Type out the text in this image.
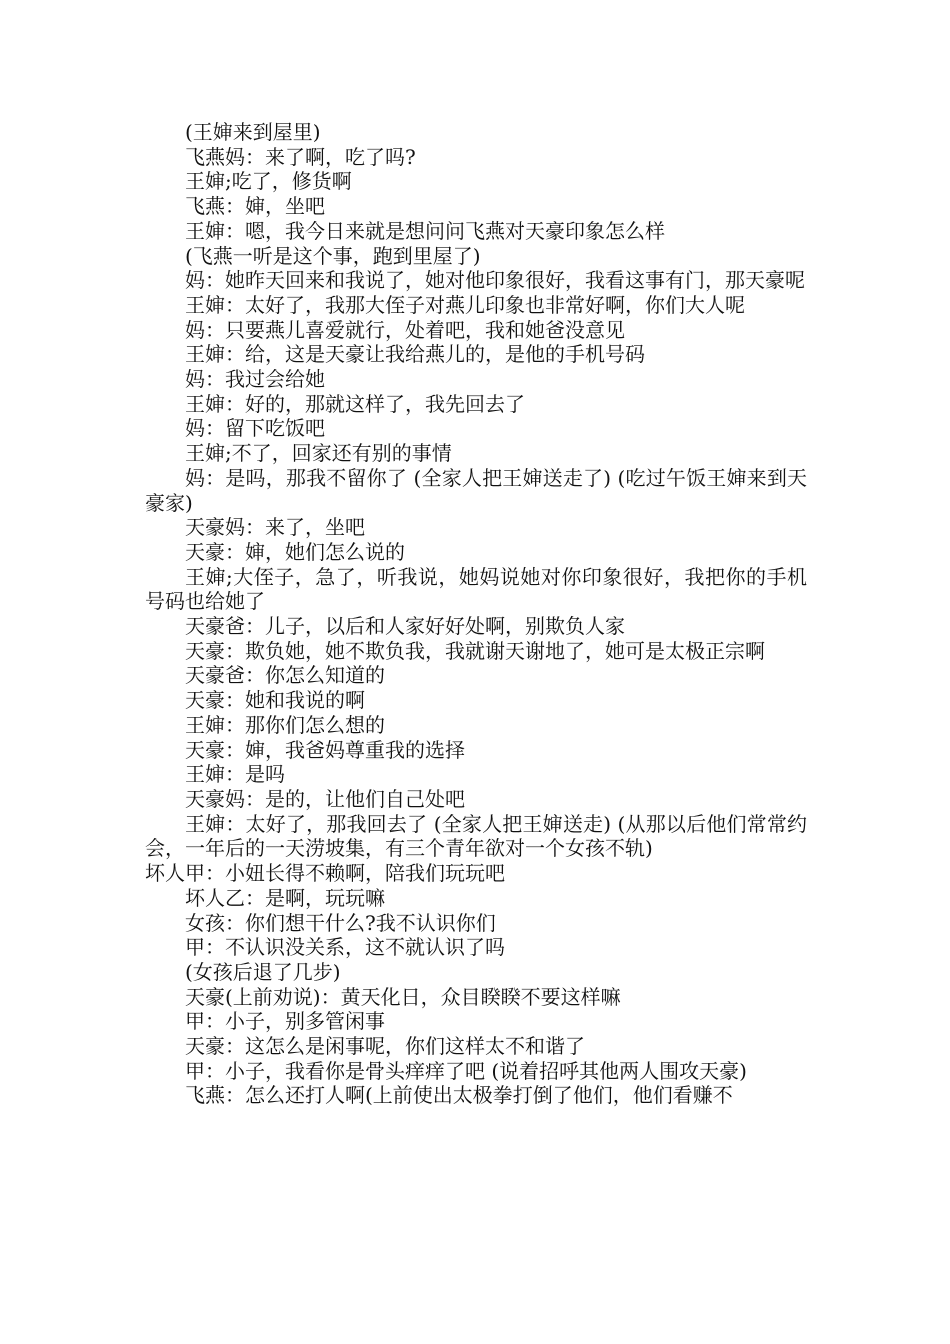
(王婶来到屋里)

飞燕妈：来了啊，吃了吗?

王婶;吃了，修货啊

飞燕：婶，坐吧

王婶：嗯，我今日来就是想问问飞燕对天豪印象怎么样

(飞燕一听是这个事，跑到里屋了)

妈：她昨天回来和我说了，她对他印象很好，我看这事有门，那天豪呢

王婶：太好了，我那大侄子对燕儿印象也非常好啊，你们大人呢

妈：只要燕儿喜爱就行，处着吧，我和她爸没意见

王婶：给，这是天豪让我给燕儿的，是他的手机号码

妈：我过会给她

王婶：好的，那就这样了，我先回去了

妈：留下吃饭吧

王婶;不了，回家还有别的事情

妈：是吗，那我不留你了 (全家人把王婶送走了) (吃过午饭王婶来到天豪家)

天豪妈：来了，坐吧

天豪：婶，她们怎么说的

王婶;大侄子，急了，听我说，她妈说她对你印象很好，我把你的手机号码也给她了

天豪爸：儿子，以后和人家好好处啊，别欺负人家

天豪：欺负她，她不欺负我，我就谢天谢地了，她可是太极正宗啊

天豪爸：你怎么知道的

天豪：她和我说的啊

王婶：那你们怎么想的

天豪：婶，我爸妈尊重我的选择

王婶：是吗

天豪妈：是的，让他们自己处吧

王婶：太好了，那我回去了 (全家人把王婶送走) (从那以后他们常常约会，一年后的一天涝坡集，有三个青年欲对一个女孩不轨)

坏人甲：小妞长得不赖啊，陪我们玩玩吧

坏人乙：是啊，玩玩嘛

女孩：你们想干什么?我不认识你们

甲：不认识没关系，这不就认识了吗

(女孩后退了几步)

天豪(上前劝说)：黄天化日，众目睽睽不要这样嘛

甲：小子，别多管闲事

天豪：这怎么是闲事呢，你们这样太不和谐了

甲：小子，我看你是骨头痒痒了吧 (说着招呼其他两人围攻天豪)

飞燕：怎么还打人啊(上前使出太极拳打倒了他们，他们看赚不
